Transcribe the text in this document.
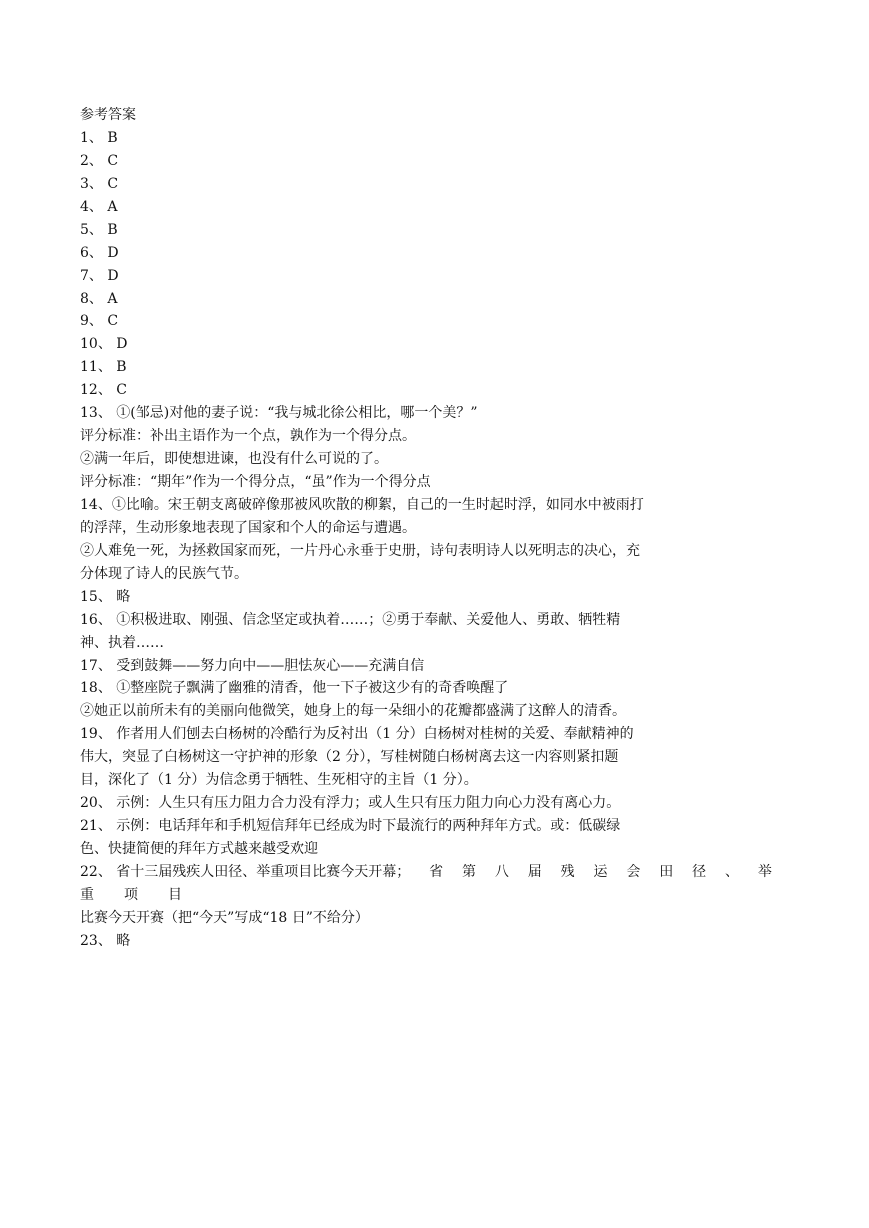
参考答案
1、 B
2、 C
3、 C
4、 A
5、 B
6、 D
7、 D
8、 A
9、 C
10、 D
11、 B
12、 C
13、 ①(邹忌)对他的妻子说：“我与城北徐公相比，哪一个美？”
评分标准：补出主语作为一个点，孰作为一个得分点。
②满一年后，即使想进谏，也没有什么可说的了。
评分标准：“期年”作为一个得分点，“虽”作为一个得分点
14、①比喻。宋王朝支离破碎像那被风吹散的柳絮，自己的一生时起时浮，如同水中被雨打
的浮萍，生动形象地表现了国家和个人的命运与遭遇。
②人难免一死，为拯救国家而死，一片丹心永垂于史册，诗句表明诗人以死明志的决心，充
分体现了诗人的民族气节。
15、 略
16、 ①积极进取、刚强、信念坚定或执着……；②勇于奉献、关爱他人、勇敢、牺牲精
神、执着……
17、 受到鼓舞——努力向中——胆怯灰心——充满自信
18、 ①整座院子飘满了幽雅的清香，他一下子被这少有的奇香唤醒了
②她正以前所未有的美丽向他微笑，她身上的每一朵细小的花瓣都盛满了这醉人的清香。
19、 作者用人们刨去白杨树的冷酷行为反衬出（1 分）白杨树对桂树的关爱、奉献精神的
伟大，突显了白杨树这一守护神的形象（2 分），写桂树随白杨树离去这一内容则紧扣题
目，深化了（1 分）为信念勇于牺牲、生死相守的主旨（1 分）。
20、 示例：人生只有压力阻力合力没有浮力；或人生只有压力阻力向心力没有离心力。
21、 示例：电话拜年和手机短信拜年已经成为时下最流行的两种拜年方式。或：低碳绿
色、快捷简便的拜年方式越来越受欢迎
22、 省十三届残疾人田径、举重项目比赛今天开幕； 省 第 八 届 残 运 会 田 径 、 举
重 项 目
比赛今天开赛（把“今天”写成“18 日”不给分）
23、 略
